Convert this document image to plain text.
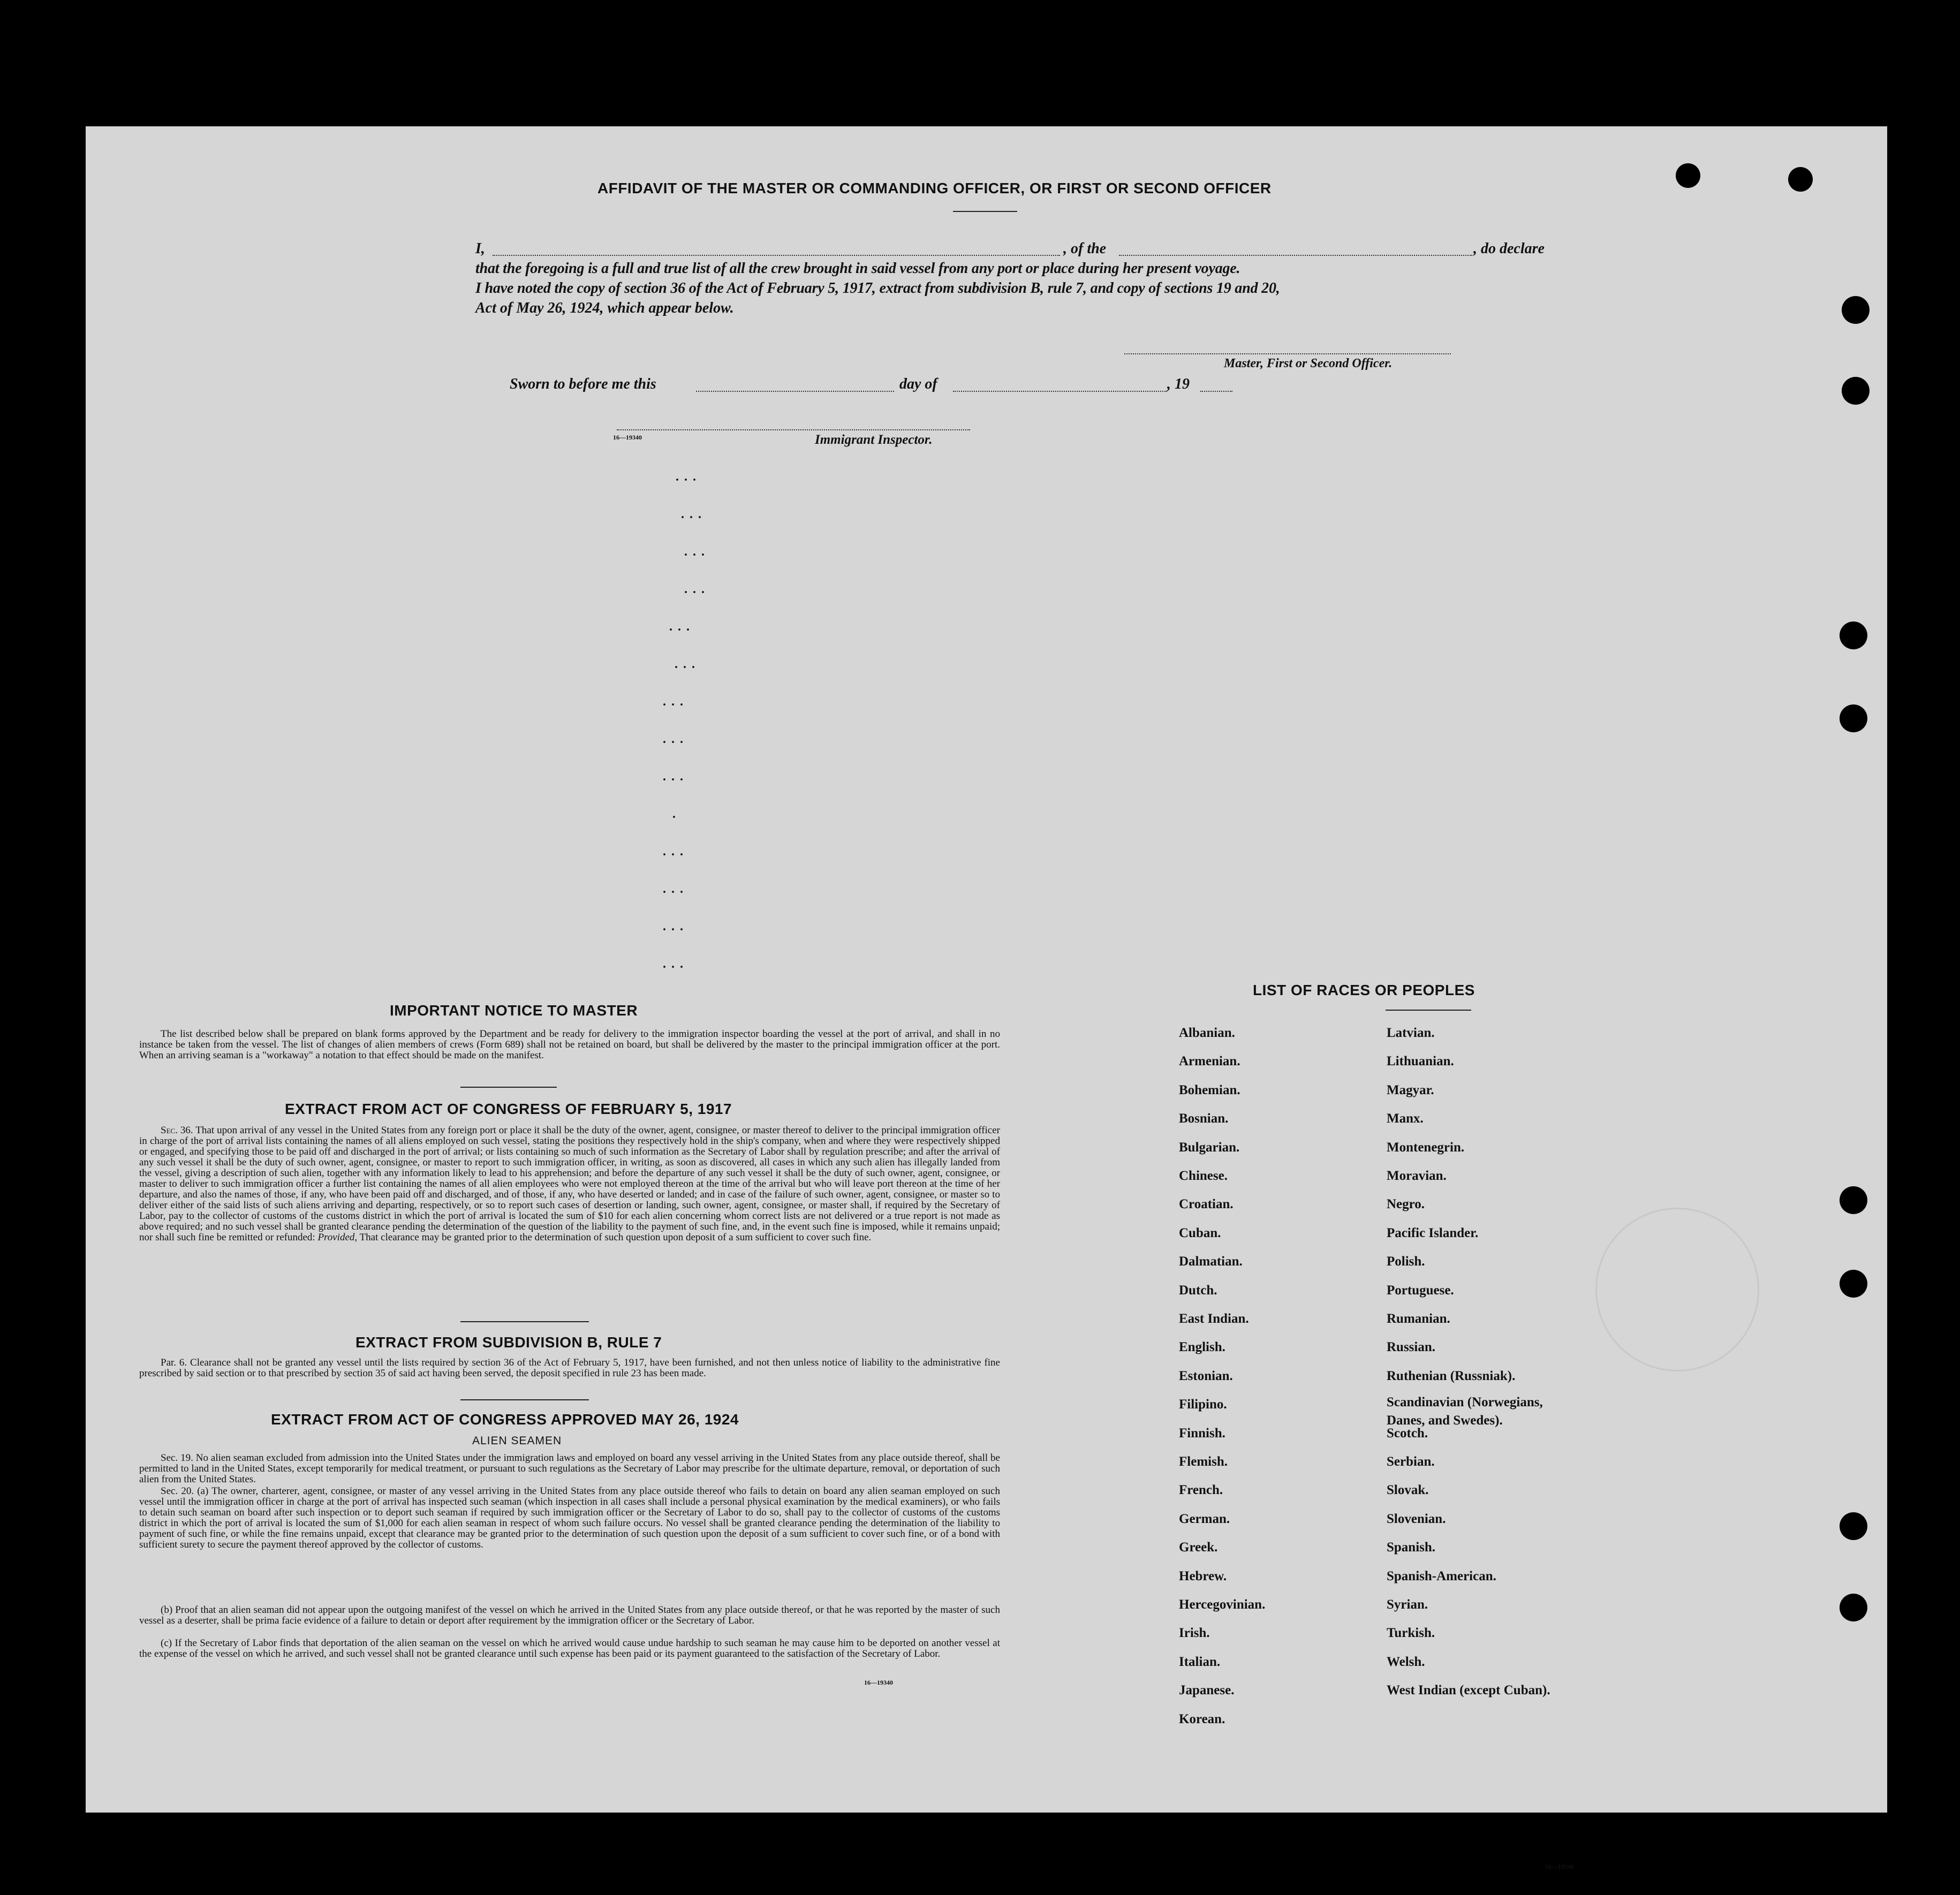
AFFIDAVIT OF THE MASTER OR COMMANDING OFFICER, OR FIRST OR SECOND OFFICER
I,	, of the	, do declare
that the foregoing is a full and true list of all the crew brought in said vessel from any port or place during her present voyage.
I have noted the copy of section 36 of the Act of February 5, 1917, extract from subdivision B, rule 7, and copy of sections 19 and 20,
Act of May 26, 1924, which appear below.
Master, First or Second Officer.
Sworn to before me this	day of	, 19
16—19340	Immigrant Inspector.
...
...
...
...
...
...
...
...
...
.
...
...
...
...
IMPORTANT NOTICE TO MASTER
The list described below shall be prepared on blank forms approved by the Department and be ready for delivery to the immigration inspector boarding the vessel at the port of arrival, and shall in no instance be taken from the vessel. The list of changes of alien members of crews (Form 689) shall not be retained on board, but shall be delivered by the master to the principal immigration officer at the port. When an arriving seaman is a "workaway" a notation to that effect should be made on the manifest.
EXTRACT FROM ACT OF CONGRESS OF FEBRUARY 5, 1917
Sec. 36. That upon arrival of any vessel in the United States from any foreign port or place it shall be the duty of the owner, agent, consignee, or master thereof to deliver to the principal immigration officer in charge of the port of arrival lists containing the names of all aliens employed on such vessel, stating the positions they respectively hold in the ship's company, when and where they were respectively shipped or engaged, and specifying those to be paid off and discharged in the port of arrival; or lists containing so much of such information as the Secretary of Labor shall by regulation prescribe; and after the arrival of any such vessel it shall be the duty of such owner, agent, consignee, or master to report to such immigration officer, in writing, as soon as discovered, all cases in which any such alien has illegally landed from the vessel, giving a description of such alien, together with any information likely to lead to his apprehension; and before the departure of any such vessel it shall be the duty of such owner, agent, consignee, or master to deliver to such immigration officer a further list containing the names of all alien employees who were not employed thereon at the time of the arrival but who will leave port thereon at the time of her departure, and also the names of those, if any, who have been paid off and discharged, and of those, if any, who have deserted or landed; and in case of the failure of such owner, agent, consignee, or master so to deliver either of the said lists of such aliens arriving and departing, respectively, or so to report such cases of desertion or landing, such owner, agent, consignee, or master shall, if required by the Secretary of Labor, pay to the collector of customs of the customs district in which the port of arrival is located the sum of $10 for each alien concerning whom correct lists are not delivered or a true report is not made as above required; and no such vessel shall be granted clearance pending the determination of the question of the liability to the payment of such fine, and, in the event such fine is imposed, while it remains unpaid; nor shall such fine be remitted or refunded: Provided, That clearance may be granted prior to the determination of such question upon deposit of a sum sufficient to cover such fine.
EXTRACT FROM SUBDIVISION B, RULE 7
Par. 6. Clearance shall not be granted any vessel until the lists required by section 36 of the Act of February 5, 1917, have been furnished, and not then unless notice of liability to the administrative fine prescribed by said section or to that prescribed by section 35 of said act having been served, the deposit specified in rule 23 has been made.
EXTRACT FROM ACT OF CONGRESS APPROVED MAY 26, 1924
ALIEN SEAMEN
Sec. 19. No alien seaman excluded from admission into the United States under the immigration laws and employed on board any vessel arriving in the United States from any place outside thereof, shall be permitted to land in the United States, except temporarily for medical treatment, or pursuant to such regulations as the Secretary of Labor may prescribe for the ultimate departure, removal, or deportation of such alien from the United States.
Sec. 20. (a) The owner, charterer, agent, consignee, or master of any vessel arriving in the United States from any place outside thereof who fails to detain on board any alien seaman employed on such vessel until the immigration officer in charge at the port of arrival has inspected such seaman (which inspection in all cases shall include a personal physical examination by the medical examiners), or who fails to detain such seaman on board after such inspection or to deport such seaman if required by such immigration officer or the Secretary of Labor to do so, shall pay to the collector of customs of the customs district in which the port of arrival is located the sum of $1,000 for each alien seaman in respect of whom such failure occurs. No vessel shall be granted clearance pending the determination of the liability to payment of such fine, or while the fine remains unpaid, except that clearance may be granted prior to the determination of such question upon the deposit of a sum sufficient to cover such fine, or of a bond with sufficient surety to secure the payment thereof approved by the collector of customs.
(b) Proof that an alien seaman did not appear upon the outgoing manifest of the vessel on which he arrived in the United States from any place outside thereof, or that he was reported by the master of such vessel as a deserter, shall be prima facie evidence of a failure to detain or deport after requirement by the immigration officer or the Secretary of Labor.
(c) If the Secretary of Labor finds that deportation of the alien seaman on the vessel on which he arrived would cause undue hardship to such seaman he may cause him to be deported on another vessel at the expense of the vessel on which he arrived, and such vessel shall not be granted clearance until such expense has been paid or its payment guaranteed to the satisfaction of the Secretary of Labor.
16—19340
LIST OF RACES OR PEOPLES
16—19340
Albanian.
Armenian.
Bohemian.
Bosnian.
Bulgarian.
Chinese.
Croatian.
Cuban.
Dalmatian.
Dutch.
East Indian.
English.
Estonian.
Filipino.
Finnish.
Flemish.
French.
German.
Greek.
Hebrew.
Hercegovinian.
Irish.
Italian.
Japanese.
Korean.
Latvian.
Lithuanian.
Magyar.
Manx.
Montenegrin.
Moravian.
Negro.
Pacific Islander.
Polish.
Portuguese.
Rumanian.
Russian.
Ruthenian (Russniak).
Scandinavian (Norwegians,
Danes, and Swedes).
Scotch.
Serbian.
Slovak.
Slovenian.
Spanish.
Spanish-American.
Syrian.
Turkish.
Welsh.
West Indian (except Cuban).
